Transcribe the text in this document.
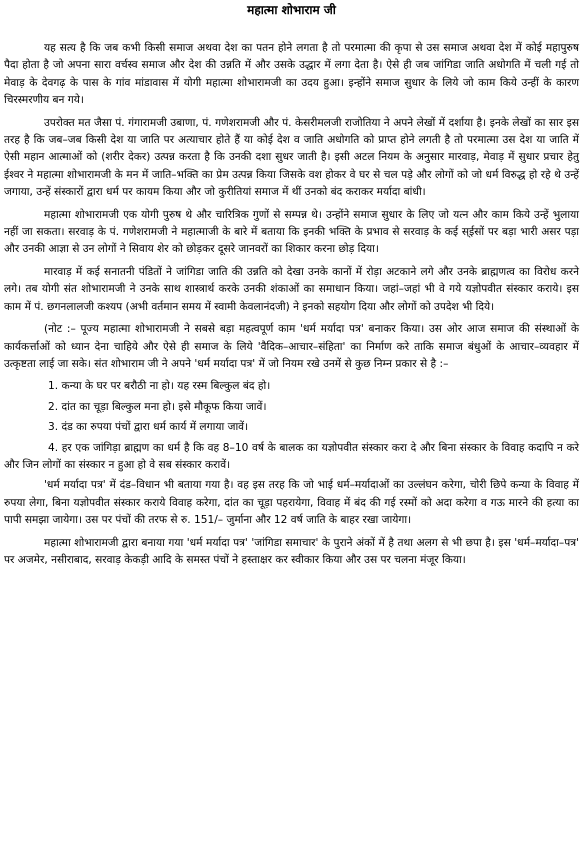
महात्मा शोभाराम जी

यह सत्य है कि जब कभी किसी समाज अथवा देश का पतन होने लगता है तो परमात्मा की कृपा से उस समाज अथवा देश में कोई महापुरुष पैदा होता है जो अपना सारा वर्चस्व समाज और देश की उन्नति में और उसके उद्धार में लगा देता है। ऐसे ही जब जांगिडा जाति अधोगति में चली गई तो मेवाड़ के देवगढ़ के पास के गांव मांडावास में योगी महात्मा शोभारामजी का उदय हुआ। इन्होंने समाज सुधार के लिये जो काम किये उन्हीं के कारण चिरस्मरणीय बन गये।

उपरोक्त मत जैसा पं. गंगारामजी उबाणा, पं. गणेशरामजी और पं. केसरीमलजी राजोतिया ने अपने लेखों में दर्शाया है। इनके लेखों का सार इस तरह है कि जब–जब किसी देश या जाति पर अत्याचार होते हैं या कोई देश व जाति अधोगति को प्राप्त होने लगती है तो परमात्मा उस देश या जाति में ऐसी महान आत्माओं को (शरीर देकर) उत्पन्न करता है कि उनकी दशा सुधर जाती है। इसी अटल नियम के अनुसार मारवाड़, मेवाड़ में सुधार प्रचार हेतु ईश्वर ने महात्मा शोभारामजी के मन में जाति–भक्ति का प्रेम उत्पन्न किया जिसके वश होकर वे घर से चल पड़े और लोगों को जो धर्म विरुद्ध हो रहे थे उन्हें जगाया, उन्हें संस्कारों द्वारा धर्म पर कायम किया और जो कुरीतियां समाज में थीं उनको बंद कराकर मर्यादा बांधी।

महात्मा शोभारामजी एक योगी पुरुष थे और चारित्रिक गुणों से सम्पन्न थे। उन्होंने समाज सुधार के लिए जो यत्न और काम किये उन्हें भुलाया नहीं जा सकता। सरवाड़ के पं. गणेशरामजी ने महात्माजी के बारे में बताया कि इनकी भक्ति के प्रभाव से सरवाड़ के कई स्ईसों पर बड़ा भारी असर पड़ा और उनकी आज्ञा से उन लोगों ने सिवाय शेर को छोड़कर दूसरे जानवरों का शिकार करना छोड़ दिया।

मारवाड़ में कई सनातनी पंडितों ने जांगिडा जाति की उन्नति को देखा उनके कानों में रोड़ा अटकाने लगे और उनके ब्राह्मणत्व का विरोध करने लगे। तब योगी संत शोभारामजी ने उनके साथ शास्त्रार्थ करके उनकी शंकाओं का समाधान किया। जहां–जहां भी वे गये यज्ञोपवीत संस्कार कराये। इस काम में पं. छगनलालजी कश्यप (अभी वर्तमान समय में स्वामी केवलानंदजी) ने इनको सहयोग दिया और लोगों को उपदेश भी दिये।

(नोट :– पूज्य महात्मा शोभारामजी ने सबसे बड़ा महत्वपूर्ण काम 'धर्म मर्यादा पत्र' बनाकर किया। उस ओर आज समाज की संस्थाओं के कार्यकर्त्ताओं को ध्यान देना चाहिये और ऐसे ही समाज के लिये 'वैदिक–आचार–संहिता' का निर्माण करे ताकि समाज बंधुओं के आचार–व्यवहार में उत्कृष्टता लाई जा सके। संत शोभाराम जी ने अपने 'धर्म मर्यादा पत्र' में जो नियम रखे उनमें से कुछ निम्न प्रकार से है :–

1. कन्या के घर पर बरौठी ना हो। यह रस्म बिल्कुल बंद हो।
2. दांत का चूड़ा बिल्कुल मना हो। इसे मौकूफ किया जावें।
3. दंड का रुपया पंचों द्वारा धर्म कार्य में लगाया जावें।
4. हर एक जांगिड़ा ब्राह्मण का धर्म है कि वह 8–10 वर्ष के बालक का यज्ञोपवीत संस्कार करा दे और बिना संस्कार के विवाह कदापि न करे और जिन लोगों का संस्कार न हुआ हो वे सब संस्कार करावें।

'धर्म मर्यादा पत्र' में दंड–विधान भी बताया गया है। वह इस तरह कि जो भाई धर्म–मर्यादाओं का उल्लंघन करेगा, चोरी छिपे कन्या के विवाह में रुपया लेगा, बिना यज्ञोपवीत संस्कार कराये विवाह करेगा, दांत का चूड़ा पहरायेगा, विवाह में बंद की गई रस्मों को अदा करेगा व गऊ मारने की हत्या का पापी समझा जायेगा। उस पर पंचों की तरफ से रु. 151/– जुर्माना और 12 वर्ष जाति के बाहर रखा जायेगा।

महात्मा शोभारामजी द्वारा बनाया गया 'धर्म मर्यादा पत्र' 'जांगिडा समाचार' के पुराने अंकों में है तथा अलग से भी छपा है। इस 'धर्म–मर्यादा–पत्र' पर अजमेर, नसीराबाद, सरवाड़ केकड़ी आदि के समस्त पंचों ने हस्ताक्षर कर स्वीकार किया और उस पर चलना मंजूर किया।
